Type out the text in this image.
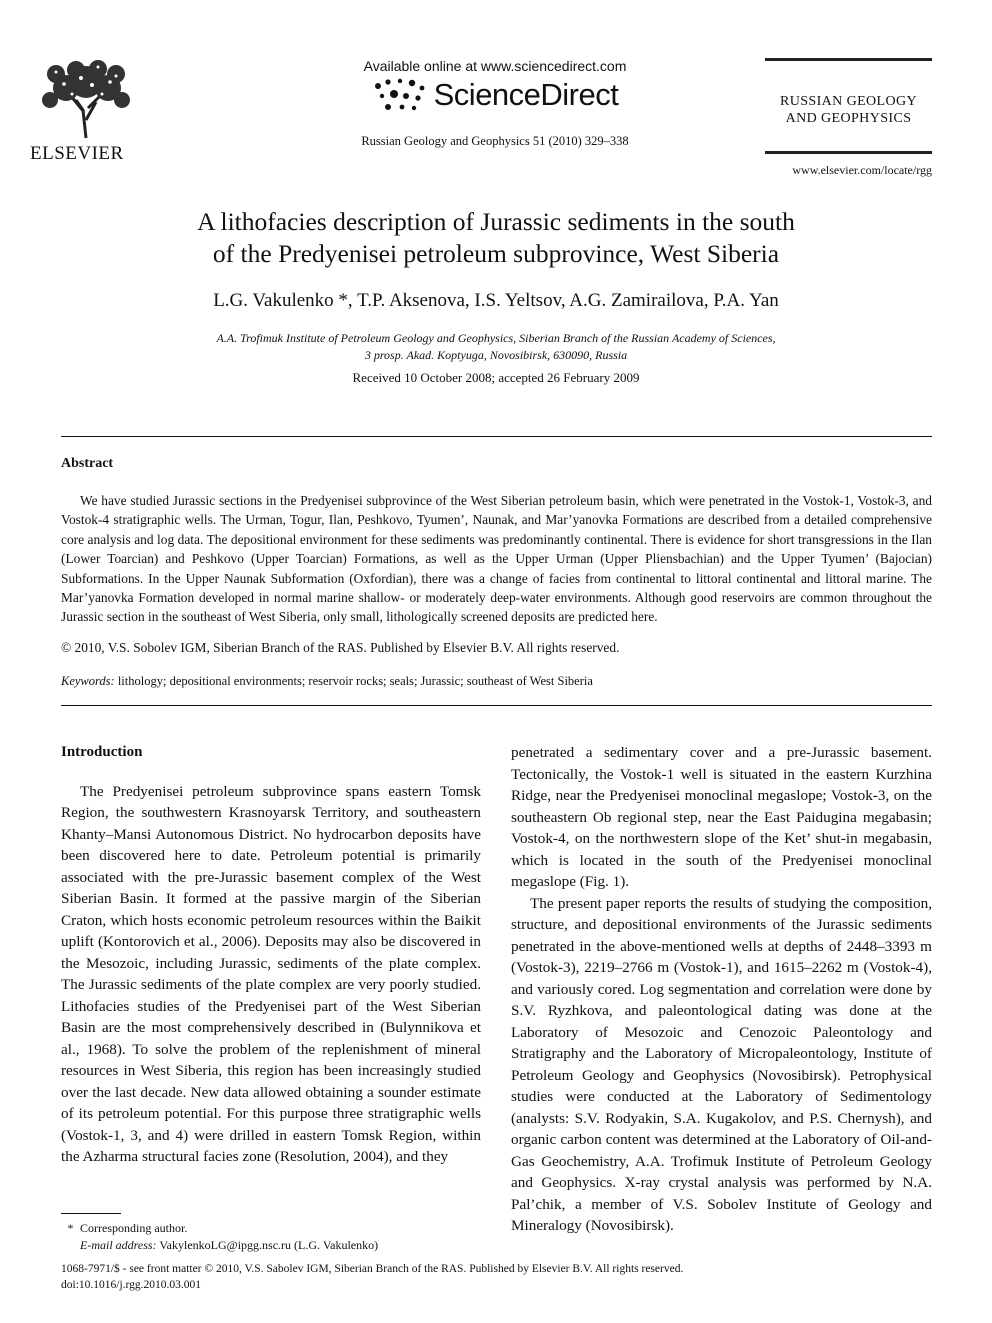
ELSEVIER
Available online at www.sciencedirect.com
ScienceDirect
Russian Geology and Geophysics 51 (2010) 329–338
RUSSIAN GEOLOGY
AND GEOPHYSICS
www.elsevier.com/locate/rgg
A lithofacies description of Jurassic sediments in the south
of the Predyenisei petroleum subprovince, West Siberia
L.G. Vakulenko *, T.P. Aksenova, I.S. Yeltsov, A.G. Zamirailova, P.A. Yan
A.A. Trofimuk Institute of Petroleum Geology and Geophysics, Siberian Branch of the Russian Academy of Sciences,
3 prosp. Akad. Koptyuga, Novosibirsk, 630090, Russia
Received 10 October 2008; accepted 26 February 2009
Abstract
We have studied Jurassic sections in the Predyenisei subprovince of the West Siberian petroleum basin, which were penetrated in the Vostok-1, Vostok-3, and Vostok-4 stratigraphic wells. The Urman, Togur, Ilan, Peshkovo, Tyumen’, Naunak, and Mar’yanovka Formations are described from a detailed comprehensive core analysis and log data. The depositional environment for these sediments was predominantly continental. There is evidence for short transgressions in the Ilan (Lower Toarcian) and Peshkovo (Upper Toarcian) Formations, as well as the Upper Urman (Upper Pliensbachian) and the Upper Tyumen’ (Bajocian) Subformations. In the Upper Naunak Subformation (Oxfordian), there was a change of facies from continental to littoral continental and littoral marine. The Mar’yanovka Formation developed in normal marine shallow- or moderately deep-water environments. Although good reservoirs are common throughout the Jurassic section in the southeast of West Siberia, only small, lithologically screened deposits are predicted here.
© 2010, V.S. Sobolev IGM, Siberian Branch of the RAS. Published by Elsevier B.V. All rights reserved.
Keywords: lithology; depositional environments; reservoir rocks; seals; Jurassic; southeast of West Siberia
Introduction

The Predyenisei petroleum subprovince spans eastern Tomsk Region, the southwestern Krasnoyarsk Territory, and southeastern Khanty–Mansi Autonomous District. No hydrocarbon deposits have been discovered here to date. Petroleum potential is primarily associated with the pre-Jurassic basement complex of the West Siberian Basin. It formed at the passive margin of the Siberian Craton, which hosts economic petroleum resources within the Baikit uplift (Kontorovich et al., 2006). Deposits may also be discovered in the Mesozoic, including Jurassic, sediments of the plate complex. The Jurassic sediments of the plate complex are very poorly studied. Lithofacies studies of the Predyenisei part of the West Siberian Basin are the most comprehensively described in (Bulynnikova et al., 1968). To solve the problem of the replenishment of mineral resources in West Siberia, this region has been increasingly studied over the last decade. New data allowed obtaining a sounder estimate of its petroleum potential. For this purpose three stratigraphic wells (Vostok-1, 3, and 4) were drilled in eastern Tomsk Region, within the Azharma structural facies zone (Resolution, 2004), and they

penetrated a sedimentary cover and a pre-Jurassic basement. Tectonically, the Vostok-1 well is situated in the eastern Kurzhina Ridge, near the Predyenisei monoclinal megaslope; Vostok-3, on the southeastern Ob regional step, near the East Paidugina megabasin; Vostok-4, on the northwestern slope of the Ket’ shut-in megabasin, which is located in the south of the Predyenisei monoclinal megaslope (Fig. 1).

The present paper reports the results of studying the composition, structure, and depositional environments of the Jurassic sediments penetrated in the above-mentioned wells at depths of 2448–3393 m (Vostok-3), 2219–2766 m (Vostok-1), and 1615–2262 m (Vostok-4), and variously cored. Log segmentation and correlation were done by S.V. Ryzhkova, and paleontological dating was done at the Laboratory of Mesozoic and Cenozoic Paleontology and Stratigraphy and the Laboratory of Micropaleontology, Institute of Petroleum Geology and Geophysics (Novosibirsk). Petrophysical studies were conducted at the Laboratory of Sedimentology (analysts: S.V. Rodyakin, S.A. Kugakolov, and P.S. Chernysh), and organic carbon content was determined at the Laboratory of Oil-and-Gas Geochemistry, A.A. Trofimuk Institute of Petroleum Geology and Geophysics. X-ray crystal analysis was performed by N.A. Pal’chik, a member of V.S. Sobolev Institute of Geology and Mineralogy (Novosibirsk).

* Corresponding author.
E-mail address: VakylenkoLG@ipgg.nsc.ru (L.G. Vakulenko)
1068-7971/$ - see front matter © 2010, V.S. Sabolev IGM, Siberian Branch of the RAS. Published by Elsevier B.V. All rights reserved.
doi:10.1016/j.rgg.2010.03.001
